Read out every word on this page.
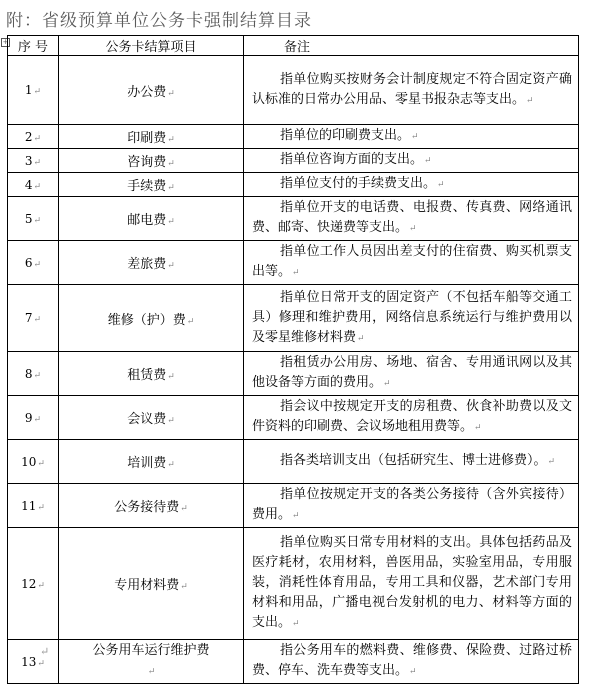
附：省级预算单位公务卡强制结算目录
+ 序 号	公务卡结算项目	备注
1↵	办公费↵	指单位购买按财务会计制度规定不符合固定资产确认标准的日常办公用品、零星书报杂志等支出。↵
2↵	印刷费↵	指单位的印刷费支出。↵
3↵	咨询费↵	指单位咨询方面的支出。↵
4↵	手续费↵	指单位支付的手续费支出。↵
5↵	邮电费↵	指单位开支的电话费、电报费、传真费、网络通讯费、邮寄、快递费等支出。↵
6↵	差旅费↵	指单位工作人员因出差支付的住宿费、购买机票支出等。↵
7↵	维修（护）费↵	指单位日常开支的固定资产（不包括车船等交通工具）修理和维护费用，网络信息系统运行与维护费用以及零星维修材料费↵
8↵	租赁费↵	指租赁办公用房、场地、宿舍、专用通讯网以及其他设备等方面的费用。↵
9↵	会议费↵	指会议中按规定开支的房租费、伙食补助费以及文件资料的印刷费、会议场地租用费等。↵
10↵	培训费↵	指各类培训支出（包括研究生、博士进修费）。↵
11↵	公务接待费↵	指单位按规定开支的各类公务接待（含外宾接待）费用。↵
12↵	专用材料费↵	指单位购买日常专用材料的支出。具体包括药品及医疗耗材，农用材料，兽医用品，实验室用品，专用服装，消耗性体育用品，专用工具和仪器，艺术部门专用材料和用品，广播电视台发射机的电力、材料等方面的支出。↵
13↵	公务用车运行维护费↵	指公务用车的燃料费、维修费、保险费、过路过桥费、停车、洗车费等支出。↵
↵
